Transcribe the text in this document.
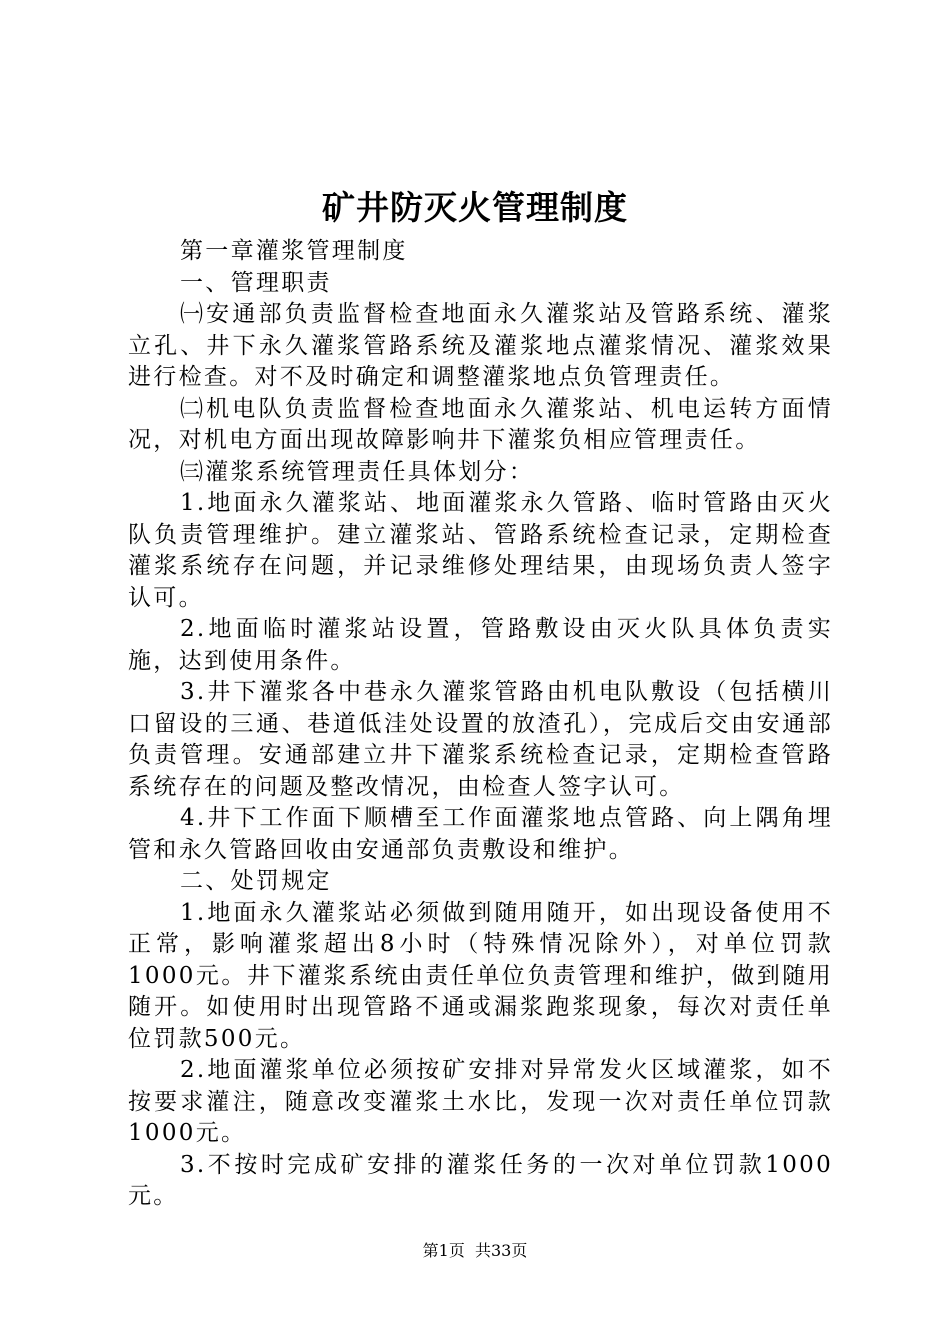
矿井防灭火管理制度

第一章灌浆管理制度

一、管理职责

㈠安通部负责监督检查地面永久灌浆站及管路系统、灌浆立孔、井下永久灌浆管路系统及灌浆地点灌浆情况、灌浆效果进行检查。对不及时确定和调整灌浆地点负管理责任。

㈡机电队负责监督检查地面永久灌浆站、机电运转方面情况，对机电方面出现故障影响井下灌浆负相应管理责任。

㈢灌浆系统管理责任具体划分：

1.地面永久灌浆站、地面灌浆永久管路、临时管路由灭火队负责管理维护。建立灌浆站、管路系统检查记录，定期检查灌浆系统存在问题，并记录维修处理结果，由现场负责人签字认可。

2.地面临时灌浆站设置，管路敷设由灭火队具体负责实施，达到使用条件。

3.井下灌浆各中巷永久灌浆管路由机电队敷设（包括横川口留设的三通、巷道低洼处设置的放渣孔），完成后交由安通部负责管理。安通部建立井下灌浆系统检查记录，定期检查管路系统存在的问题及整改情况，由检查人签字认可。

4.井下工作面下顺槽至工作面灌浆地点管路、向上隅角埋管和永久管路回收由安通部负责敷设和维护。

二、处罚规定

1.地面永久灌浆站必须做到随用随开，如出现设备使用不正常，影响灌浆超出8小时（特殊情况除外），对单位罚款1000元。井下灌浆系统由责任单位负责管理和维护，做到随用随开。如使用时出现管路不通或漏浆跑浆现象，每次对责任单位罚款500元。

2.地面灌浆单位必须按矿安排对异常发火区域灌浆，如不按要求灌注，随意改变灌浆土水比，发现一次对责任单位罚款1000元。

3.不按时完成矿安排的灌浆任务的一次对单位罚款1000元。

第1页  共33页
